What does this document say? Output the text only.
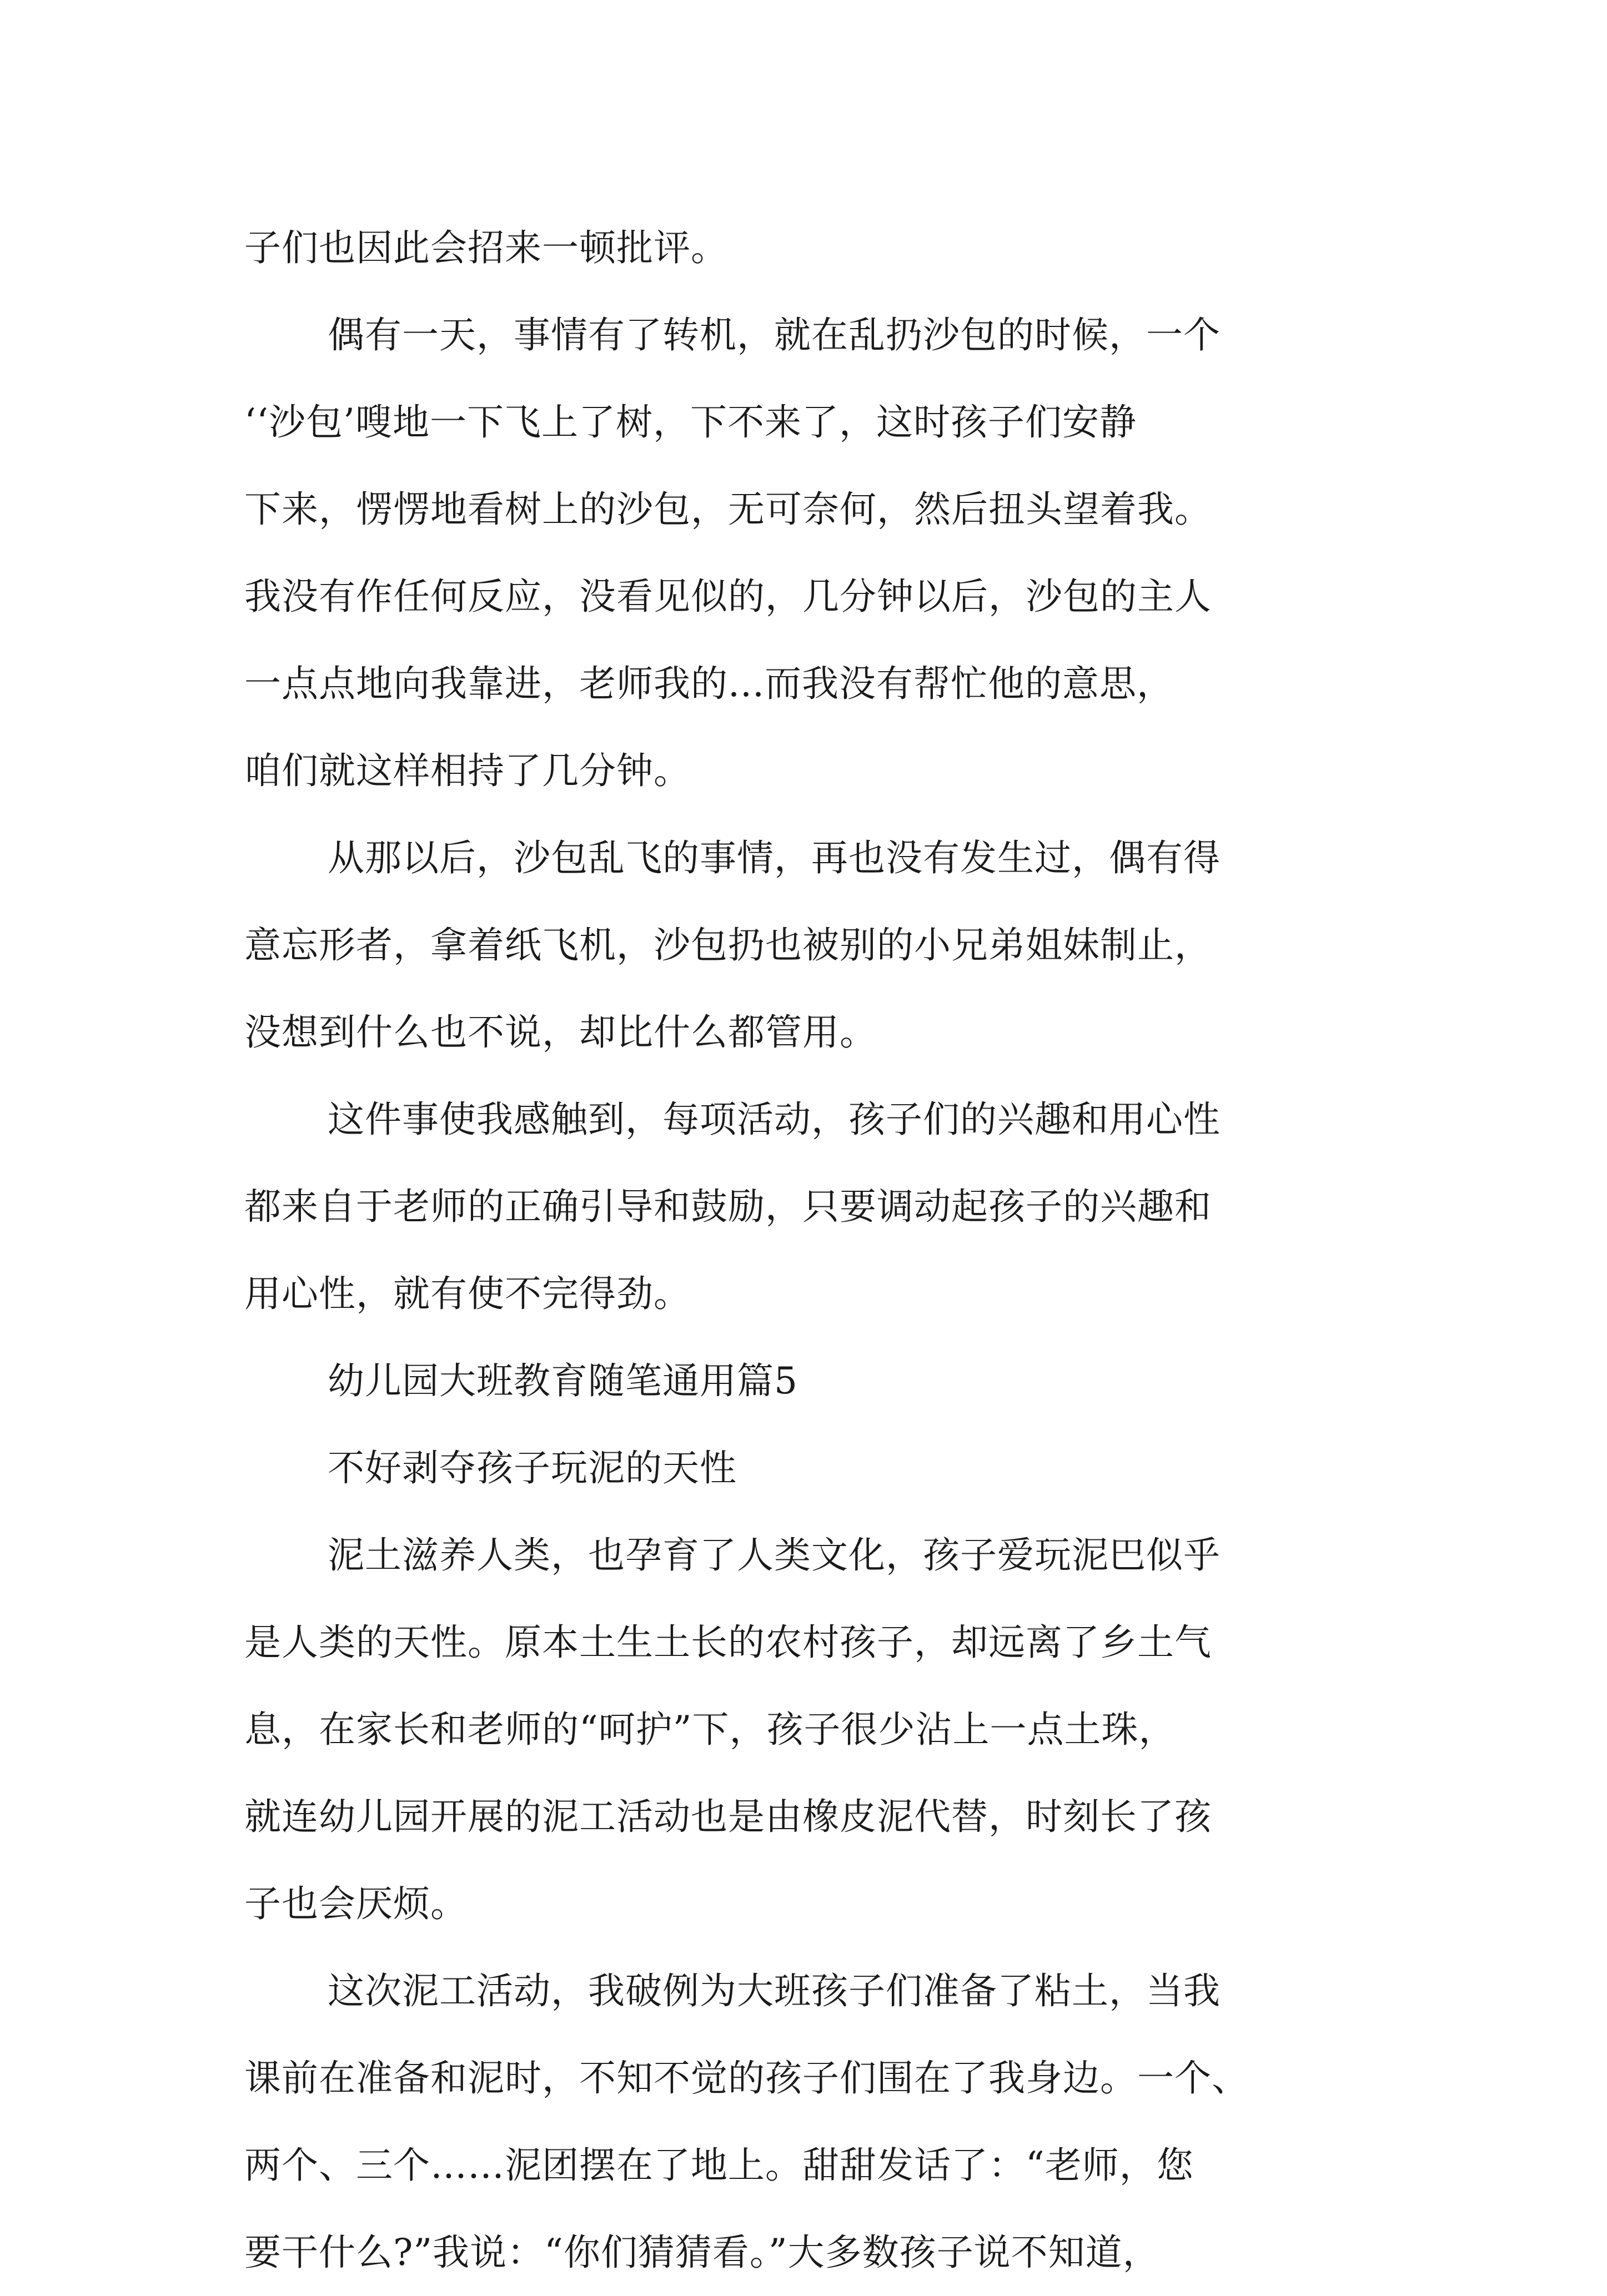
子们也因此会招来一顿批评。
偶有一天，事情有了转机，就在乱扔沙包的时候，一个
‘‘沙包’嗖地一下飞上了树，下不来了，这时孩子们安静
下来，愣愣地看树上的沙包，无可奈何，然后扭头望着我。
我没有作任何反应，没看见似的，几分钟以后，沙包的主人
一点点地向我靠进，老师我的...而我没有帮忙他的意思，
咱们就这样相持了几分钟。
从那以后，沙包乱飞的事情，再也没有发生过，偶有得
意忘形者，拿着纸飞机，沙包扔也被别的小兄弟姐妹制止，
没想到什么也不说，却比什么都管用。
这件事使我感触到，每项活动，孩子们的兴趣和用心性
都来自于老师的正确引导和鼓励，只要调动起孩子的兴趣和
用心性，就有使不完得劲。
幼儿园大班教育随笔通用篇5
不好剥夺孩子玩泥的天性
泥土滋养人类，也孕育了人类文化，孩子爱玩泥巴似乎
是人类的天性。原本土生土长的农村孩子，却远离了乡土气
息，在家长和老师的“呵护”下，孩子很少沾上一点土珠，
就连幼儿园开展的泥工活动也是由橡皮泥代替，时刻长了孩
子也会厌烦。
这次泥工活动，我破例为大班孩子们准备了粘土，当我
课前在准备和泥时，不知不觉的孩子们围在了我身边。一个、
两个、三个……泥团摆在了地上。甜甜发话了：“老师，您
要干什么?”我说：“你们猜猜看。”大多数孩子说不知道，
